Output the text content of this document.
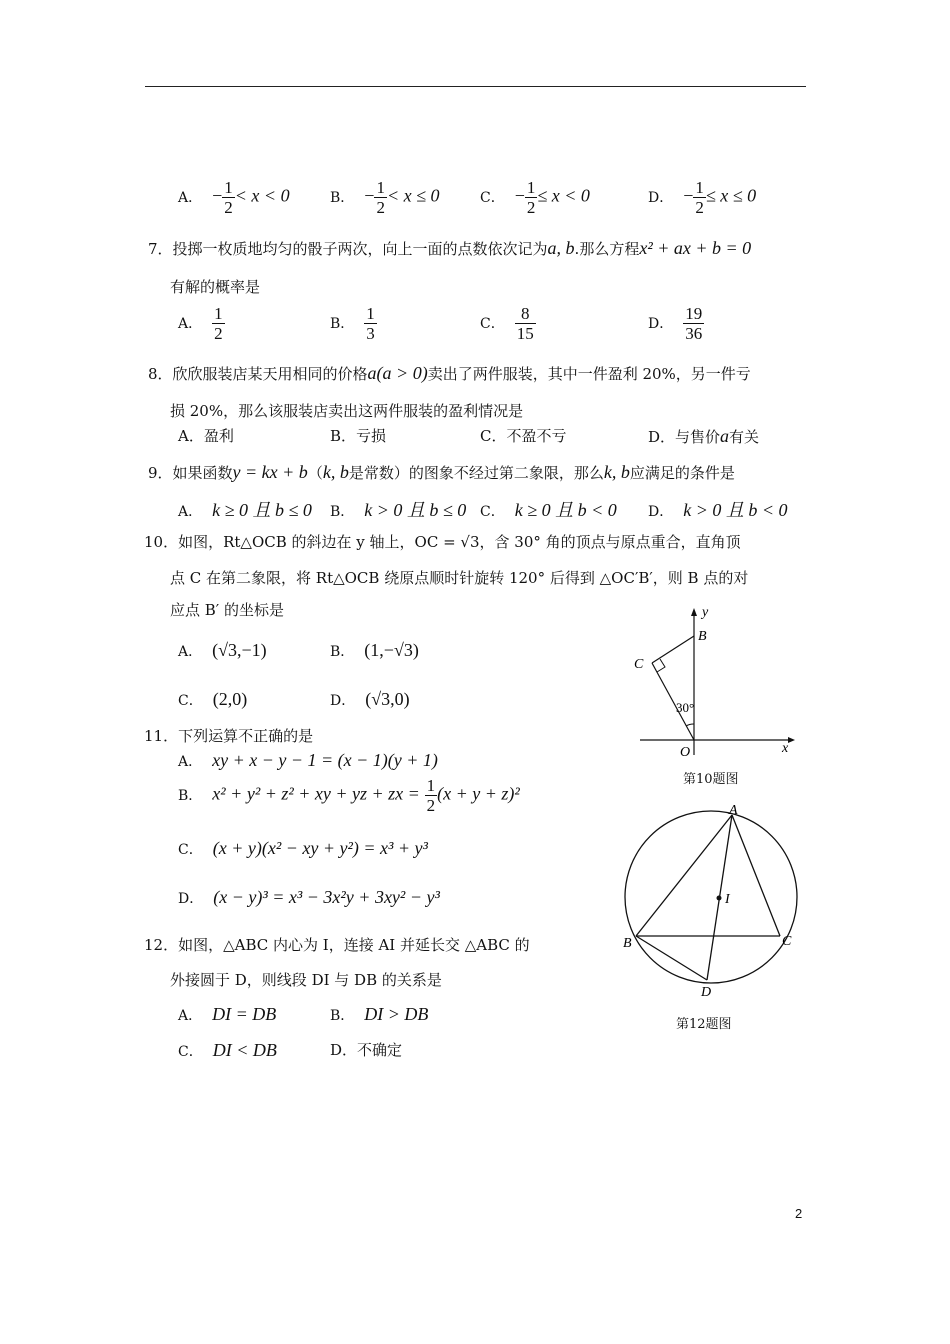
A． − $\frac{1}{2} < x < 0$	B． − $\frac{1}{2} < x \le 0$	C． − $\frac{1}{2} \le x < 0$	D． − $\frac{1}{2} \le x \le 0$
7．投掷一枚质地均匀的骰子两次，向上一面的点数依次记为a, b.那么方程x² + ax + b = 0
有解的概率是
A． $\frac{1}{2}$	B． $\frac{1}{3}$	C． $\frac{8}{15}$	D． $\frac{19}{36}$
8．欣欣服装店某天用相同的价格a(a > 0)卖出了两件服装，其中一件盈利 20%，另一件亏
损 20%，那么该服装店卖出这两件服装的盈利情况是
A．盈利	B．亏损	C．不盈不亏	D．与售价a有关
9．如果函数y = kx + b（k, b是常数）的图象不经过第二象限，那么k, b应满足的条件是
A． k ≥ 0 且 b ≤ 0 B． k > 0 且 b ≤ 0 C． k ≥ 0 且 b < 0 D． k > 0 且 b < 0
10．如图，Rt△OCB 的斜边在 y 轴上，OC = √3，含 30° 角的顶点与原点重合，直角顶
点 C 在第二象限，将 Rt△OCB 绕原点顺时针旋转 120° 后得到 △OC′B′，则 B 点的对
应点 B′ 的坐标是
A． (√3,−1)	B． (1,−√3)
C． (2,0)	D． (√3,0)
y
x
B
C
O
30°
第10题图
11．下列运算不正确的是
A． xy + x − y − 1 = (x − 1)(y + 1)
B． x² + y² + z² + xy + yz + zx = $\frac{1}{2} (x + y + z)^2$
C． (x + y)(x² − xy + y²) = x³ + y³
D． (x − y)³ = x³ − 3x²y + 3xy² − y³
12．如图，△ABC 内心为 I，连接 AI 并延长交 △ABC 的
外接圆于 D，则线段 DI 与 DB 的关系是
A． DI = DB	B． DI > DB
C． DI < DB	D．不确定
A
B	C
D
I
第12题图
2
